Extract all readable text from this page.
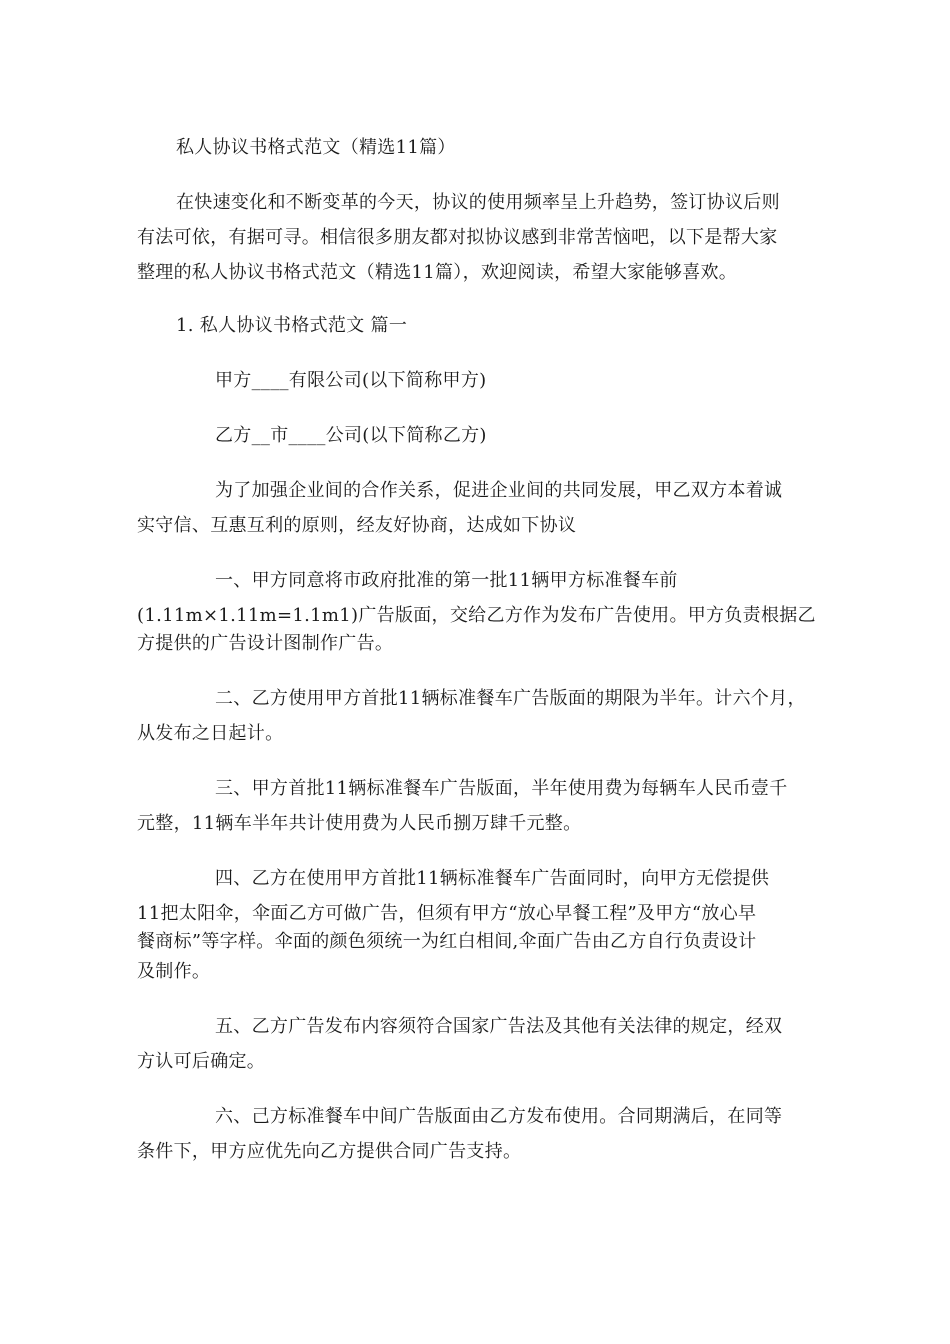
私人协议书格式范文（精选11篇）
在快速变化和不断变革的今天，协议的使用频率呈上升趋势，签订协议后则
有法可依，有据可寻。相信很多朋友都对拟协议感到非常苦恼吧，以下是帮大家
整理的私人协议书格式范文（精选11篇），欢迎阅读，希望大家能够喜欢。
1. 私人协议书格式范文 篇一
甲方____有限公司(以下简称甲方)
乙方__市____公司(以下简称乙方)
为了加强企业间的合作关系，促进企业间的共同发展，甲乙双方本着诚
实守信、互惠互利的原则，经友好协商，达成如下协议
一、甲方同意将市政府批准的第一批11辆甲方标准餐车前
(1.11m×1.11m=1.1m1)广告版面，交给乙方作为发布广告使用。甲方负责根据乙
方提供的广告设计图制作广告。
二、乙方使用甲方首批11辆标准餐车广告版面的期限为半年。计六个月，
从发布之日起计。
三、甲方首批11辆标准餐车广告版面，半年使用费为每辆车人民币壹千
元整，11辆车半年共计使用费为人民币捌万肆千元整。
四、乙方在使用甲方首批11辆标准餐车广告面同时，向甲方无偿提供
11把太阳伞，伞面乙方可做广告，但须有甲方“放心早餐工程”及甲方“放心早
餐商标”等字样。伞面的颜色须统一为红白相间,伞面广告由乙方自行负责设计
及制作。
五、乙方广告发布内容须符合国家广告法及其他有关法律的规定，经双
方认可后确定。
六、己方标准餐车中间广告版面由乙方发布使用。合同期满后，在同等
条件下，甲方应优先向乙方提供合同广告支持。
